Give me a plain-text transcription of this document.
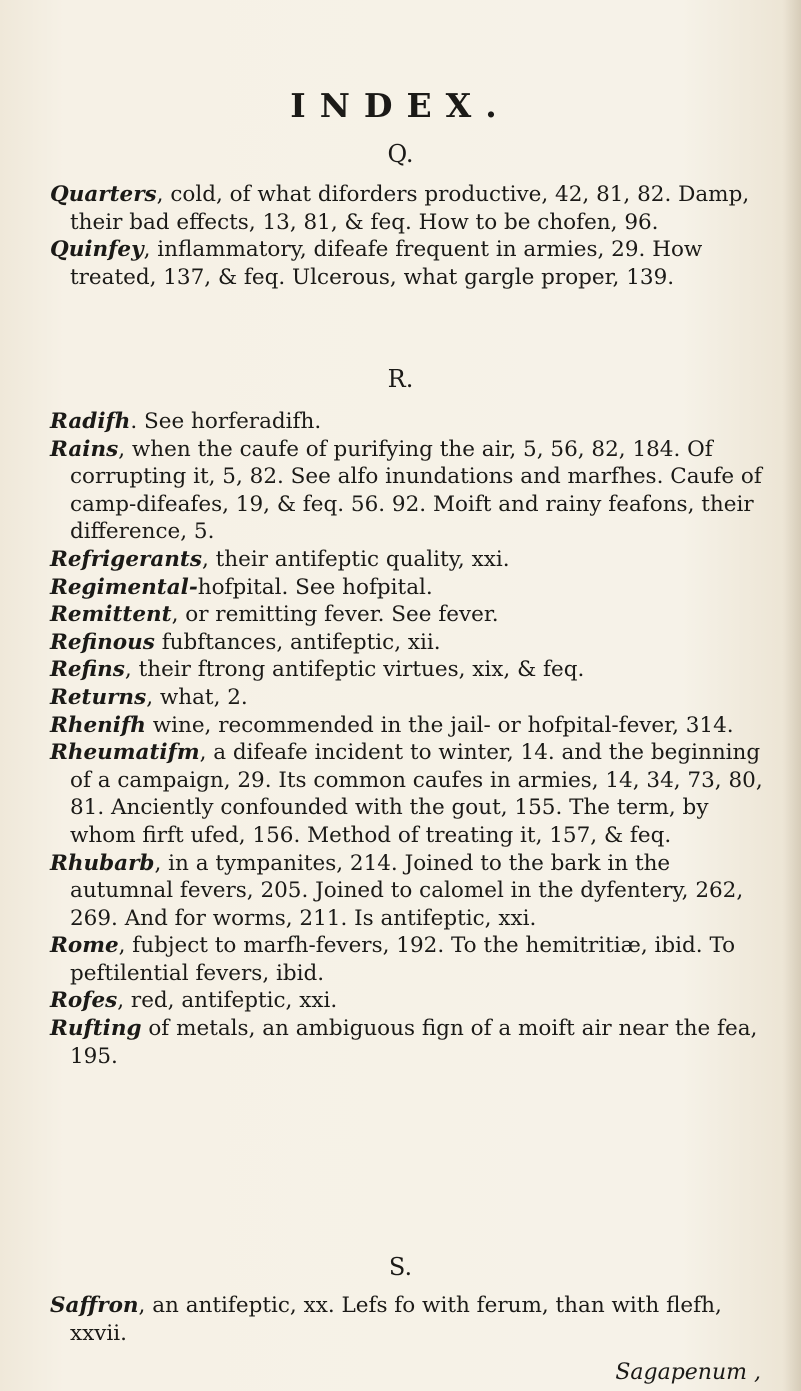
INDEX.
Q.

Quarters, cold, of what diforders productive, 42, 81, 82. Damp, their bad effects, 13, 81, & feq. How to be chofen, 96.

Quinfey, inflammatory, difeafe frequent in armies, 29. How treated, 137, & feq. Ulcerous, what gargle proper, 139.

R.

Radifh. See horferadifh.

Rains, when the caufe of purifying the air, 5, 56, 82, 184. Of corrupting it, 5, 82. See alfo inundations and marfhes. Caufe of camp-difeafes, 19, & feq. 56. 92. Moift and rainy feafons, their difference, 5.

Refrigerants, their antifeptic quality, xxi.

Regimental-hofpital. See hofpital.

Remittent, or remitting fever. See fever.

Refinous fubftances, antifeptic, xii.

Refins, their ftrong antifeptic virtues, xix, & feq.

Returns, what, 2.

Rhenifh wine, recommended in the jail- or hofpital-fever, 314.

Rheumatifm, a difeafe incident to winter, 14. and the beginning of a campaign, 29. Its common caufes in armies, 14, 34, 73, 80, 81. Anciently confounded with the gout, 155. The term, by whom firft ufed, 156. Method of treating it, 157, & feq.

Rhubarb, in a tympanites, 214. Joined to the bark in the autumnal fevers, 205. Joined to calomel in the dyfentery, 262, 269. And for worms, 211. Is antifeptic, xxi.

Rome, fubject to marfh-fevers, 192. To the hemitritiæ, ibid. To peftilential fevers, ibid.

Rofes, red, antifeptic, xxi.

Rufting of metals, an ambiguous fign of a moift air near the fea, 195.

S.

Saffron, an antifeptic, xx. Lefs fo with ferum, than with flefh, xxvii.

Sagapenum ,
